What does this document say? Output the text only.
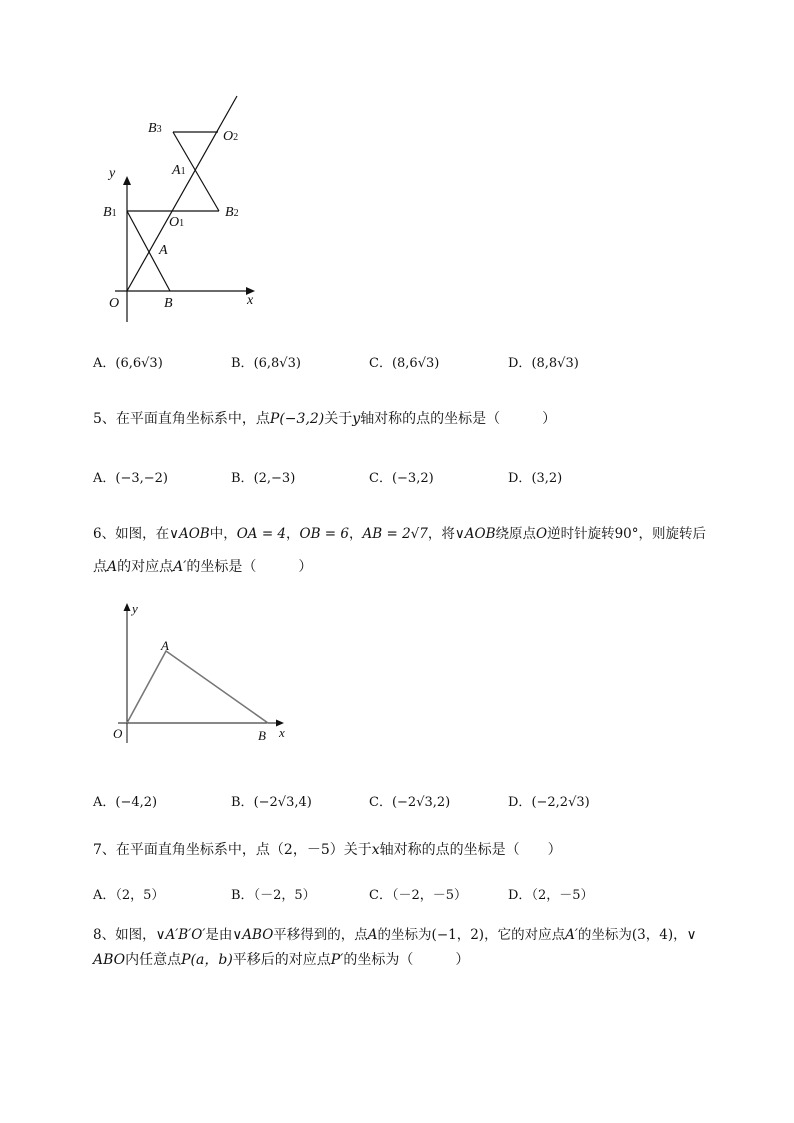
y
x
O	B
A
B1
O1
B2
A1
B3	O2
A．(6,6√3)	B．(6,8√3)	C．(8,6√3)	D．(8,8√3)
5、在平面直角坐标系中，点P(−3,2)关于y轴对称的点的坐标是（　　　）
A．(−3,−2)	B．(2,−3)	C．(−3,2)	D．(3,2)
6、如图，在∨AOB中，OA = 4，OB = 6，AB = 2√7，将∨AOB绕原点O逆时针旋转90°，则旋转后
点A的对应点A′的坐标是（　　　）
y
x
O
A
B
A．(−4,2)	B．(−2√3,4)	C．(−2√3,2)	D．(−2,2√3)
7、在平面直角坐标系中，点（2，－5）关于x轴对称的点的坐标是（　　）
A．（2，5）	B．（－2，5）	C．（－2，－5）	D．（2，－5）
8、如图，∨A′B′O′是由∨ABO平移得到的，点A的坐标为(−1，2)，它的对应点A′的坐标为(3，4)，∨
ABO内任意点P(a，b)平移后的对应点P′的坐标为（　　　）
